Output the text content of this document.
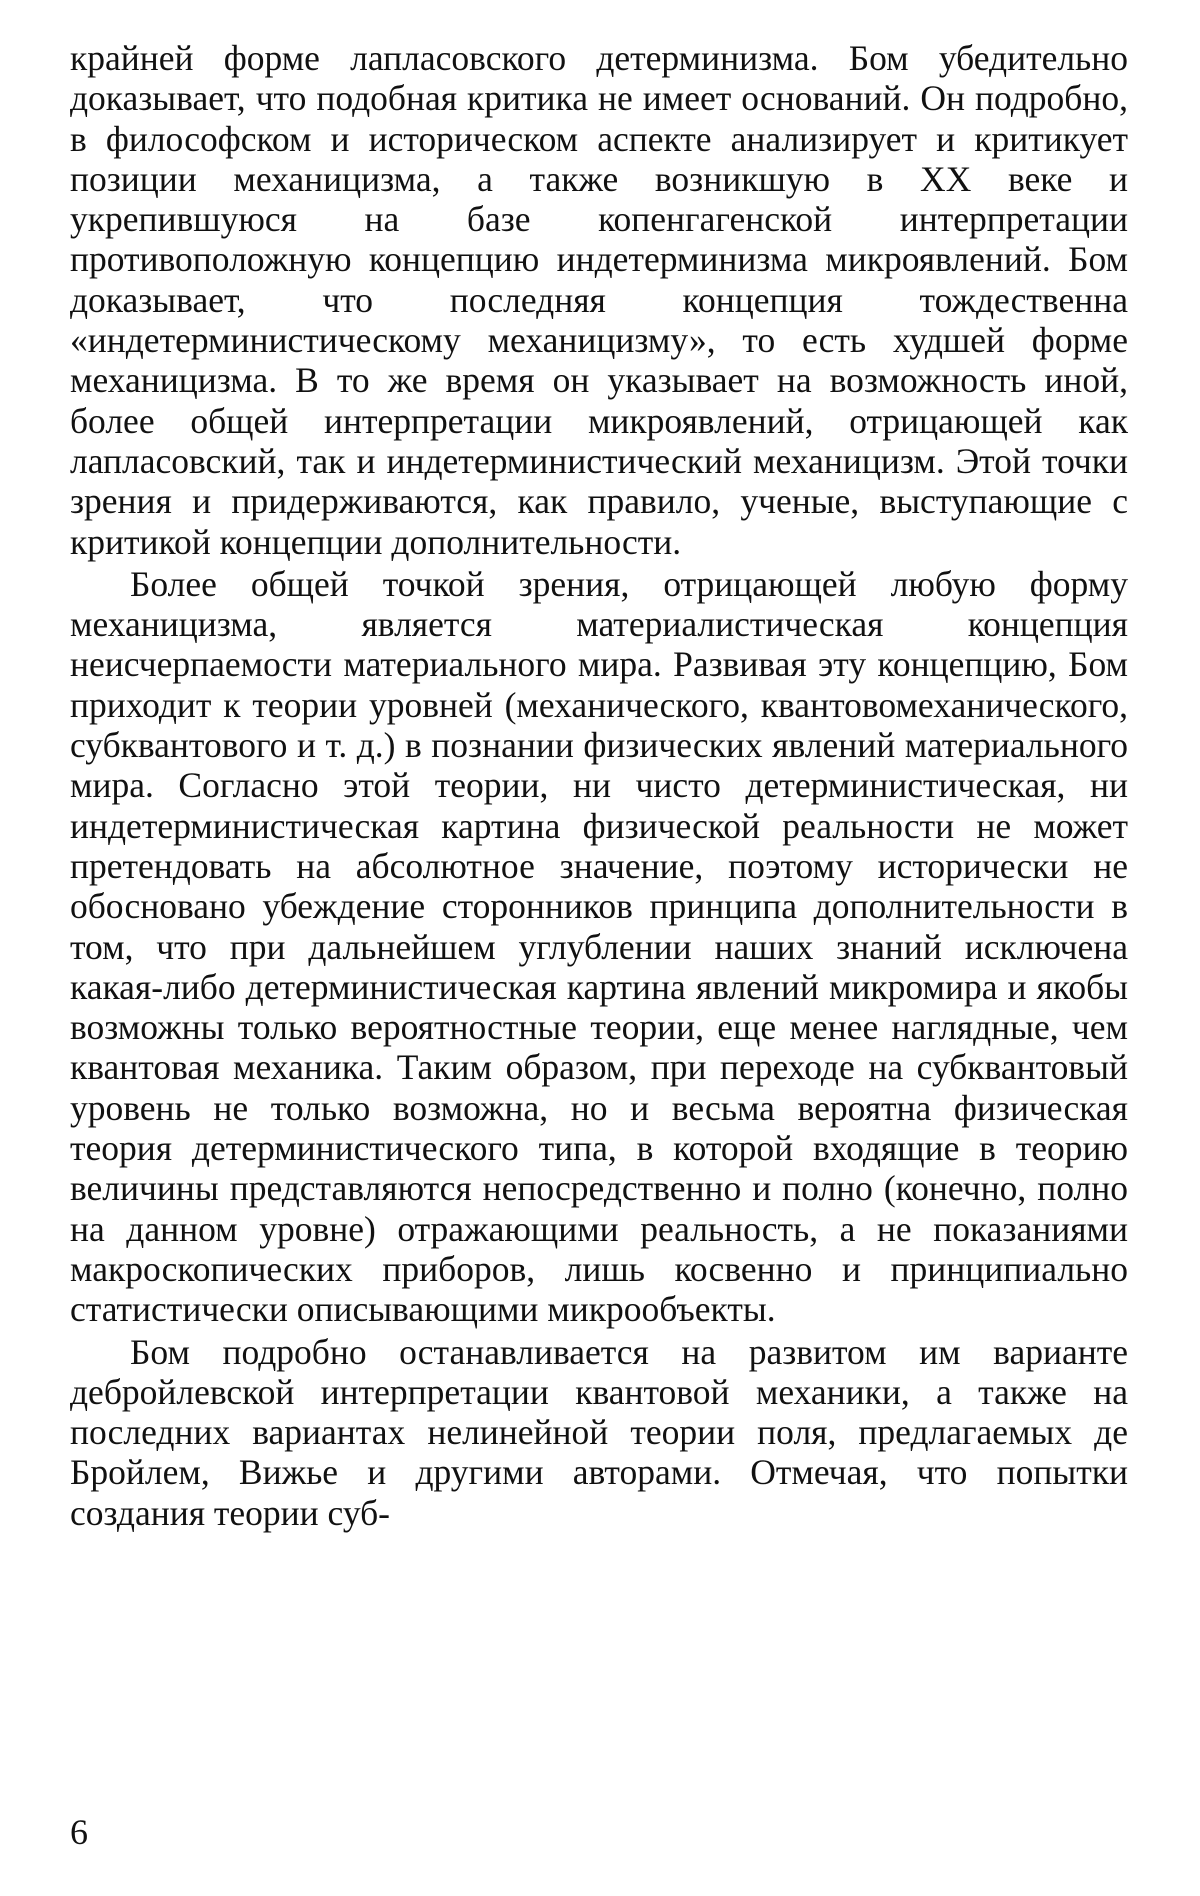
крайней форме лапласовского детерминизма. Бом убедительно доказывает, что подобная критика не имеет оснований. Он подробно, в философском и историческом аспекте анализирует и критикует позиции механицизма, а также возникшую в XX веке и укрепившуюся на базе копенгагенской интерпретации противоположную концепцию индетерминизма микроявлений. Бом доказывает, что последняя концепция тождественна «индетерминистическому механицизму», то есть худшей форме механицизма. В то же время он указывает на возможность иной, более общей интерпретации микроявлений, отрицающей как лапласовский, так и индетерминистический механицизм. Этой точки зрения и придерживаются, как правило, ученые, выступающие с критикой концепции дополнительности.

Более общей точкой зрения, отрицающей любую форму механицизма, является материалистическая концепция неисчерпаемости материального мира. Развивая эту концепцию, Бом приходит к теории уровней (механического, квантовомеханического, субквантового и т. д.) в познании физических явлений материального мира. Согласно этой теории, ни чисто детерминистическая, ни индетерминистическая картина физической реальности не может претендовать на абсолютное значение, поэтому исторически не обосновано убеждение сторонников принципа дополнительности в том, что при дальнейшем углублении наших знаний исключена какая-либо детерминистическая картина явлений микромира и якобы возможны только вероятностные теории, еще менее наглядные, чем квантовая механика. Таким образом, при переходе на субквантовый уровень не только возможна, но и весьма вероятна физическая теория детерминистического типа, в которой входящие в теорию величины представляются непосредственно и полно (конечно, полно на данном уровне) отражающими реальность, а не показаниями макроскопических приборов, лишь косвенно и принципиально статистически описывающими микрообъекты.

Бом подробно останавливается на развитом им варианте дебройлевской интерпретации квантовой механики, а также на последних вариантах нелинейной теории поля, предлагаемых де Бройлем, Вижье и другими авторами. Отмечая, что попытки создания теории суб-

6
